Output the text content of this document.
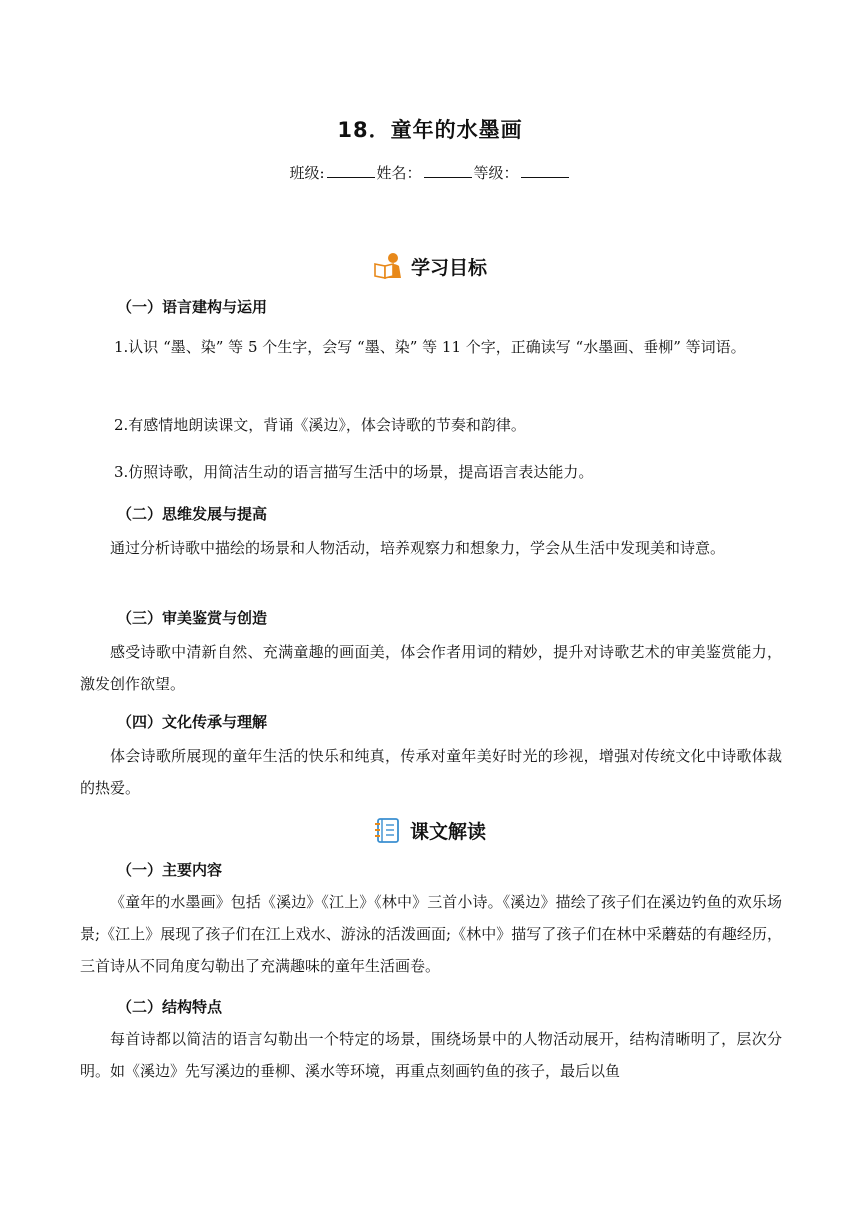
18．童年的水墨画
班级:	姓名：	等级：
学习目标
（一）语言建构与运用
1.认识 “墨、染” 等 5 个生字，会写 “墨、染” 等 11 个字，正确读写 “水墨画、垂柳” 等词语。
2.有感情地朗读课文，背诵《溪边》，体会诗歌的节奏和韵律。
3.仿照诗歌，用简洁生动的语言描写生活中的场景，提高语言表达能力。
（二）思维发展与提高
通过分析诗歌中描绘的场景和人物活动，培养观察力和想象力，学会从生活中发现美和诗意。
（三）审美鉴赏与创造
感受诗歌中清新自然、充满童趣的画面美，体会作者用词的精妙，提升对诗歌艺术的审美鉴赏能力，激发创作欲望。
（四）文化传承与理解
体会诗歌所展现的童年生活的快乐和纯真，传承对童年美好时光的珍视，增强对传统文化中诗歌体裁的热爱。
课文解读
（一）主要内容
《童年的水墨画》包括《溪边》《江上》《林中》三首小诗。《溪边》描绘了孩子们在溪边钓鱼的欢乐场景;《江上》展现了孩子们在江上戏水、游泳的活泼画面;《林中》描写了孩子们在林中采蘑菇的有趣经历，三首诗从不同角度勾勒出了充满趣味的童年生活画卷。
（二）结构特点
每首诗都以简洁的语言勾勒出一个特定的场景，围绕场景中的人物活动展开，结构清晰明了，层次分明。如《溪边》先写溪边的垂柳、溪水等环境，再重点刻画钓鱼的孩子，最后以鱼
